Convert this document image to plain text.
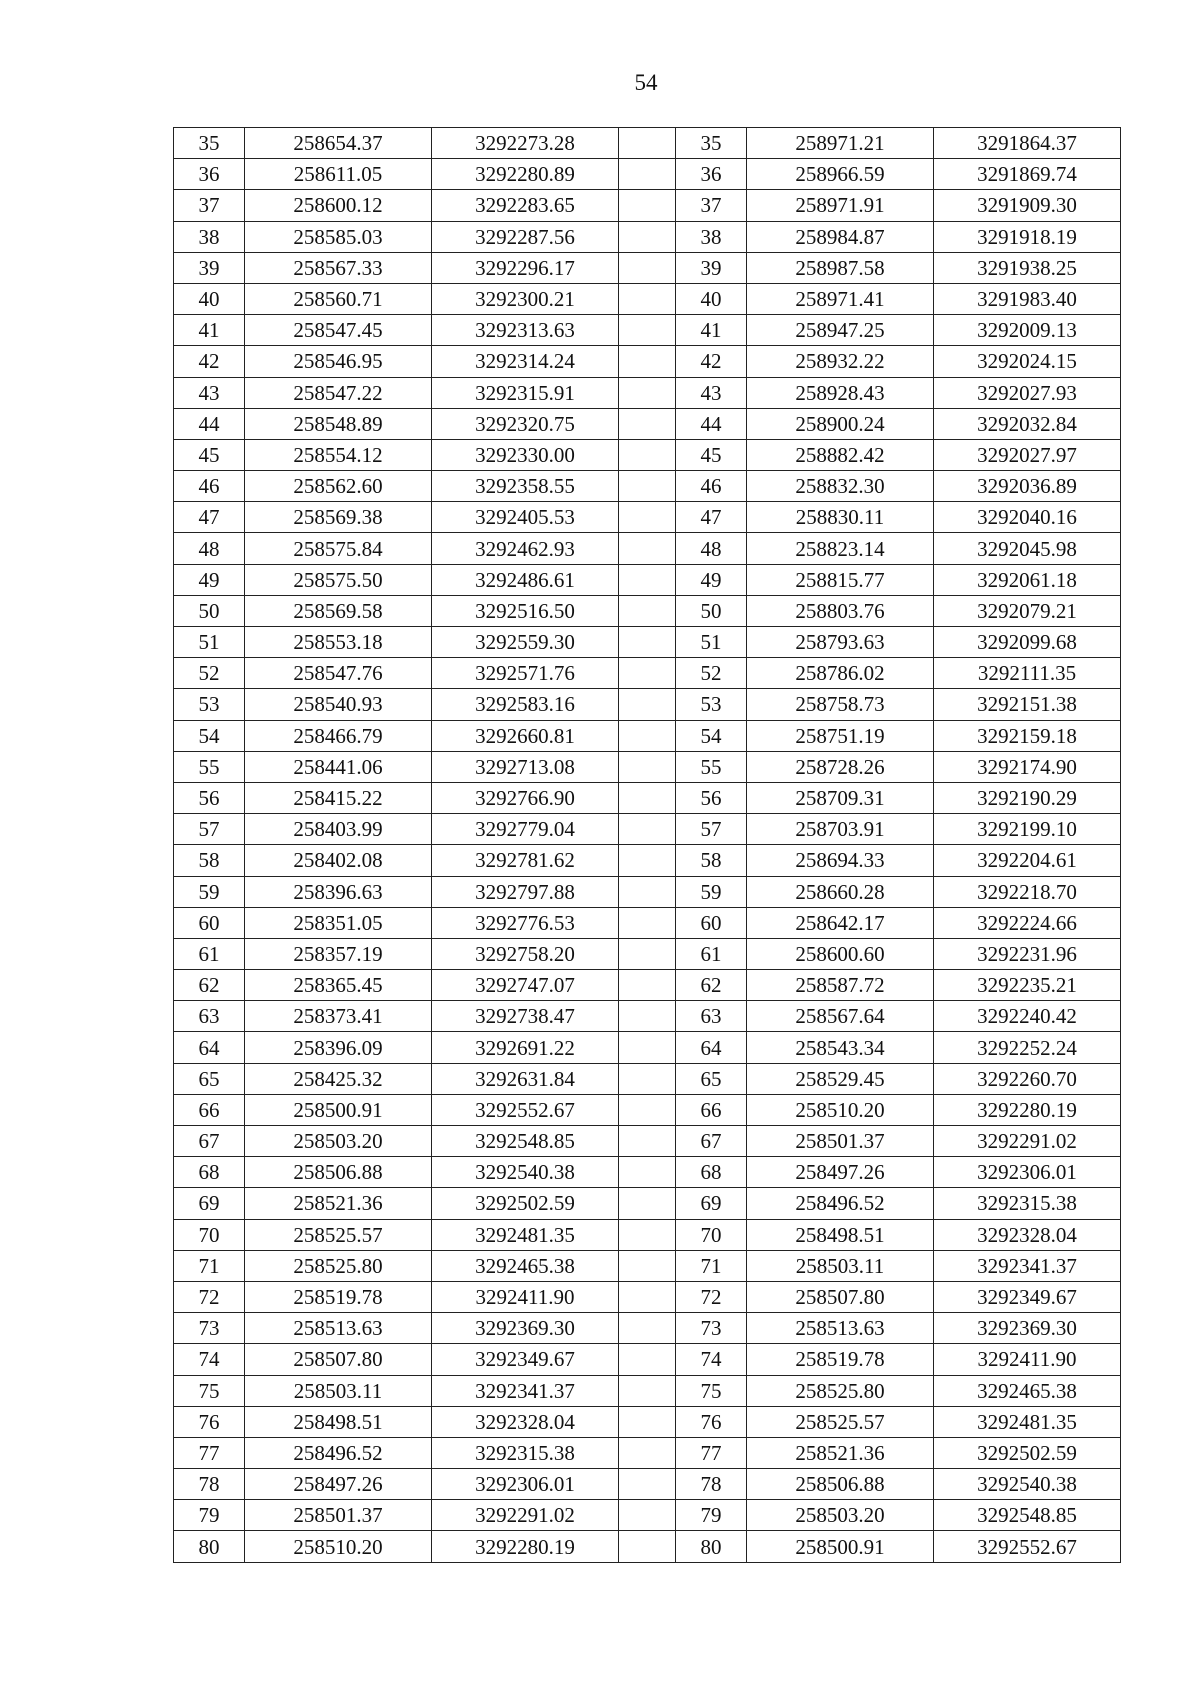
54
35	258654.37	3292273.28		35	258971.21	3291864.37
36	258611.05	3292280.89		36	258966.59	3291869.74
37	258600.12	3292283.65		37	258971.91	3291909.30
38	258585.03	3292287.56		38	258984.87	3291918.19
39	258567.33	3292296.17		39	258987.58	3291938.25
40	258560.71	3292300.21		40	258971.41	3291983.40
41	258547.45	3292313.63		41	258947.25	3292009.13
42	258546.95	3292314.24		42	258932.22	3292024.15
43	258547.22	3292315.91		43	258928.43	3292027.93
44	258548.89	3292320.75		44	258900.24	3292032.84
45	258554.12	3292330.00		45	258882.42	3292027.97
46	258562.60	3292358.55		46	258832.30	3292036.89
47	258569.38	3292405.53		47	258830.11	3292040.16
48	258575.84	3292462.93		48	258823.14	3292045.98
49	258575.50	3292486.61		49	258815.77	3292061.18
50	258569.58	3292516.50		50	258803.76	3292079.21
51	258553.18	3292559.30		51	258793.63	3292099.68
52	258547.76	3292571.76		52	258786.02	3292111.35
53	258540.93	3292583.16		53	258758.73	3292151.38
54	258466.79	3292660.81		54	258751.19	3292159.18
55	258441.06	3292713.08		55	258728.26	3292174.90
56	258415.22	3292766.90		56	258709.31	3292190.29
57	258403.99	3292779.04		57	258703.91	3292199.10
58	258402.08	3292781.62		58	258694.33	3292204.61
59	258396.63	3292797.88		59	258660.28	3292218.70
60	258351.05	3292776.53		60	258642.17	3292224.66
61	258357.19	3292758.20		61	258600.60	3292231.96
62	258365.45	3292747.07		62	258587.72	3292235.21
63	258373.41	3292738.47		63	258567.64	3292240.42
64	258396.09	3292691.22		64	258543.34	3292252.24
65	258425.32	3292631.84		65	258529.45	3292260.70
66	258500.91	3292552.67		66	258510.20	3292280.19
67	258503.20	3292548.85		67	258501.37	3292291.02
68	258506.88	3292540.38		68	258497.26	3292306.01
69	258521.36	3292502.59		69	258496.52	3292315.38
70	258525.57	3292481.35		70	258498.51	3292328.04
71	258525.80	3292465.38		71	258503.11	3292341.37
72	258519.78	3292411.90		72	258507.80	3292349.67
73	258513.63	3292369.30		73	258513.63	3292369.30
74	258507.80	3292349.67		74	258519.78	3292411.90
75	258503.11	3292341.37		75	258525.80	3292465.38
76	258498.51	3292328.04		76	258525.57	3292481.35
77	258496.52	3292315.38		77	258521.36	3292502.59
78	258497.26	3292306.01		78	258506.88	3292540.38
79	258501.37	3292291.02		79	258503.20	3292548.85
80	258510.20	3292280.19		80	258500.91	3292552.67
